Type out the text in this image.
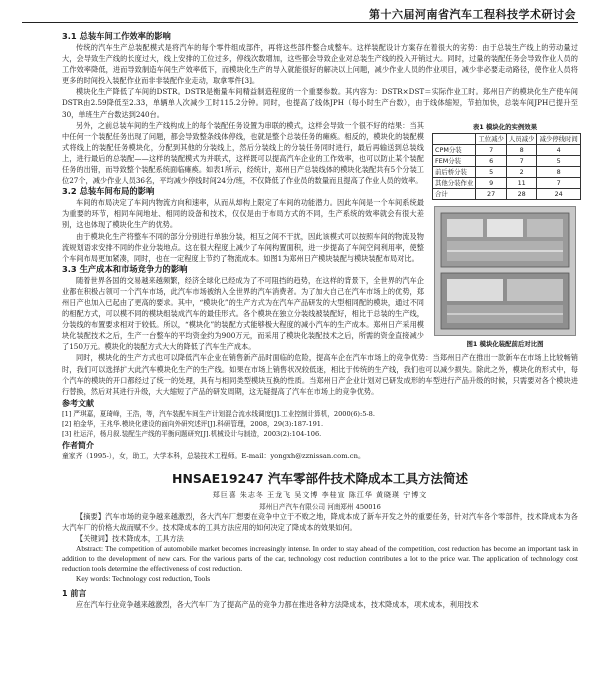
第十六届河南省汽车工程科技学术研讨会
3.1 总装车间工作效率的影响

传统的汽车生产总装配模式是将汽车的每个零件组成部件，再将这些部件整合成整车。这样装配设计方案存在着很大的劣势：由于总装生产线上的劳动量过大，会导致生产线的长度过大，线上安排的工位过多，停线次数增加，这些都会导致企业对总装生产线的投入开销过大。同时，过量的装配任务会导致作业人员的工作效率降低，进而导致制造车间生产效率低下，而模块化生产的导入就能很好的解决以上问题，减少作业人员的作业项目，减少非必要走动路径，使作业人员将更多的时间投入装配作业而非非装配作业走动，取拿零件[3]。

模块化生产降低了车间的DSTR。DSTR是衡量车间精益制造程度的一个重要参数。其内容为：DSTR×DST＝实际作业工时。郑州日产的模块化生产使车间DSTR由2.59降低至2.33，单辆单人次减少工时115.2分钟。同时，也提高了线体JPH（每小时生产台数），由于线体缩短，节拍加快，总装车间JPH已提升至30，单班生产台数达到240台。

另外，之前总装车间的生产线构成上的每个装配任务设置为串联的模式，这样会导致一个很不好的结果：当其中任何一个装配任务出现了问题，都会导致整条线体停线，也就是整个总装任务的瘫痪。相反的，模块化的装配模式将线上的装配任务模块化，分配到其他的分装线上，然后分装线上的分装任务同时进行，最后再输送到总装线上，进行最后的总装配——这样的装配模式为并联式，这样既可以提高汽车企业的工作效率，也可以防止某个装配任务的出错，而导致整个装配系统面临瘫痪。如表1所示，经统计，郑州日产总装线体的模块化装配共有5个分装工位27个，减少作业人员36名，平均减少停线时间24分/班，不仅降低了作业员的数量而且提高了作业人员的效率。

3.2 总装车间布局的影响

车间的布局决定了车间内物流方向和速率，从而从却构上限定了车间的功能潜力。因此车间是一个车间系统最为重要的环节，相同车间地址、相同的设备和技术，仅仅是由于布局方式的不同，生产系统的效率就会有很大差别，这也体现了模块化生产的优势。

由于模块化生产将整车不同的部分分别进行单独分装，相互之间不干扰，因此该模式可以按照车间的物流及物流规划语求安排不同的作业分装地点。这在很大程度上减少了车间构置面积，进一步提高了车间空间利用率，使整个车间布局更加紧凑，同时，也在一定程度上节约了物流成本。如图1为郑州日产模块装配与模块装配布局对比。

3.3 生产成本和市场竞争力的影响

随着世界各国的交易越来越频繁，经济全球化已经成为了不可阻挡的趋势，在这样的背景下，全世界的汽车企业都在积极占领可一个汽车市场，此汽车市场被纳入全世界的汽车消费者。为了加大自己在汽车市场上的优势，郑州日产也加入已起由了更高的要求。其中，“模块化”的生产方式为在汽车产品研发的大型相同配的模块，通过不同的相配方式，可以模不同的模块组装成汽车的最佳形式。各个模块在独立分装线被装配好，相比于总装的生产线，分装线的布置要求相对于较低。所以，“模块化”的装配方式能够极大程度的减小汽车的生产成本。郑州日产采用模块化装配技术之后，生产一台整车的平均资金约为900万元，而采用了模块化装配技术之后，所需的资金直接减少了150万元。模块化的装配方式大大的降低了汽车生产成本。

表1 模块化的实例效果
	工位减少	人员减少	减少停线时间
CPM分装	7	8	4
FEM分装	6	7	5
前后桥分装	5	2	8
其他分装作业	9	11	7
合计	27	28	24
图1 模块化装配前后对比图

同时，模块化的生产方式也可以降低汽车企业在销售新产品时面临的危险，提高车企在汽车市场上的竞争优势：当郑州日产在推出一款新车在市场上比较畅销时，我们可以选择扩大此汽车模块化生产的生产线。如果在市场上销售状况较低迷，相比于传统的生产线，我们也可以减少损失。除此之外，模块化的形式中，每个汽车的模块的开口都经过了统一的处理，具有与相同类型模块互换的性质。当郑州日产企业计划对已研发成形的车型进行产品升级的时候，只需要对各个模块进行替换，然后对其进行升级，大大缩短了产品的研发周期，这无疑提高了汽车在市场上的竞争优势。

参考文献

[1] 严琪嘉，夏琦峰，王浩，等，汽车装配车间生产计划混合流水线调度[J].工业控制计算机，2000(6):5-8.

[2] 柏金华，王兆华.模块化建设的面向外研究述评[J].科研管理，2008，29(3):187-191.

[3] 杜运洋，杨月叙.装配生产线的平衡问题研究[J].机械设计与制造，2003(2):104-106.

作者简介

童家齐（1995-），女，助工，大学本科，总装技术工程师。E-mail：yongxh@zznissan.com.cn。

HNSAE19247 汽车零部件技术降成本工具方法简述
郑巨喜 朱志冬 王龙飞 吴文博 李桂宣 陈江华 黄晓瑛 宁博文
郑州日产汽车有限公司 河南郑州 450016

【摘要】汽车市场的竞争越来越激烈，各大汽车厂想要在竞争中立于不败之地，降成本成了新车开发之外的重要任务，针对汽车各个零部件，技术降成本为各大汽车厂的价格大战而赋不少。技术降成本的工具方法应用的如何决定了降成本的效果如何。

【关键词】技术降成本，工具方法

Abstract: The competition of automobile market becomes increasingly intense. In order to stay ahead of the competition, cost reduction has become an important task in addition to the development of new cars. For the various parts of the car, technology cost reduction contributes a lot to the price war. The application of technology cost reduction tools determine the effectiveness of cost reduction.

Key words: Technology cost reduction, Tools

1 前言

应在汽车行业竞争越来越激烈，各大汽车厂为了提高产品的竞争力都在推进各种方法降成本，技术降成本，项术成本，利用技术
